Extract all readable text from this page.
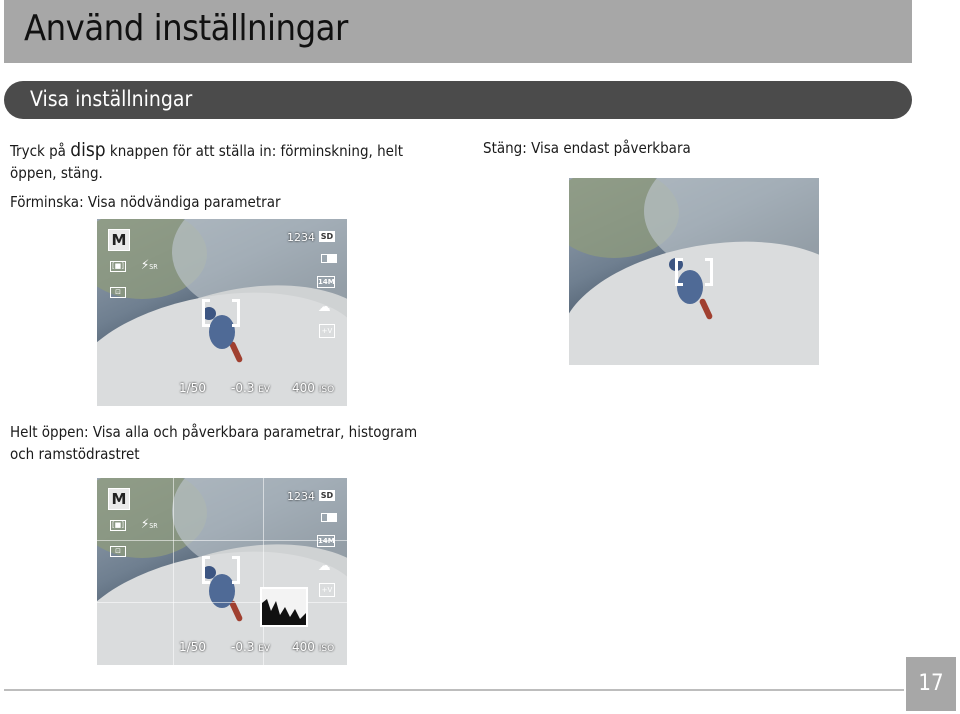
Använd inställningar
Visa inställningar
Tryck på disp knappen för att ställa in: förminskning, helt
öppen, stäng.
Förminska: Visa nödvändiga parametrar
Stäng: Visa endast påverkbara
Helt öppen: Visa alla och påverkbara parametrar, histogram
och ramstödrastret
M
[■] ⚡SR
⊡
1234 SD
14M
☁
+V
1/50 -0.3 EV 400 ISO
M
[■] ⚡SR
⊡
1234 SD
14M
☁
+V
1/50 -0.3 EV 400 ISO
17
